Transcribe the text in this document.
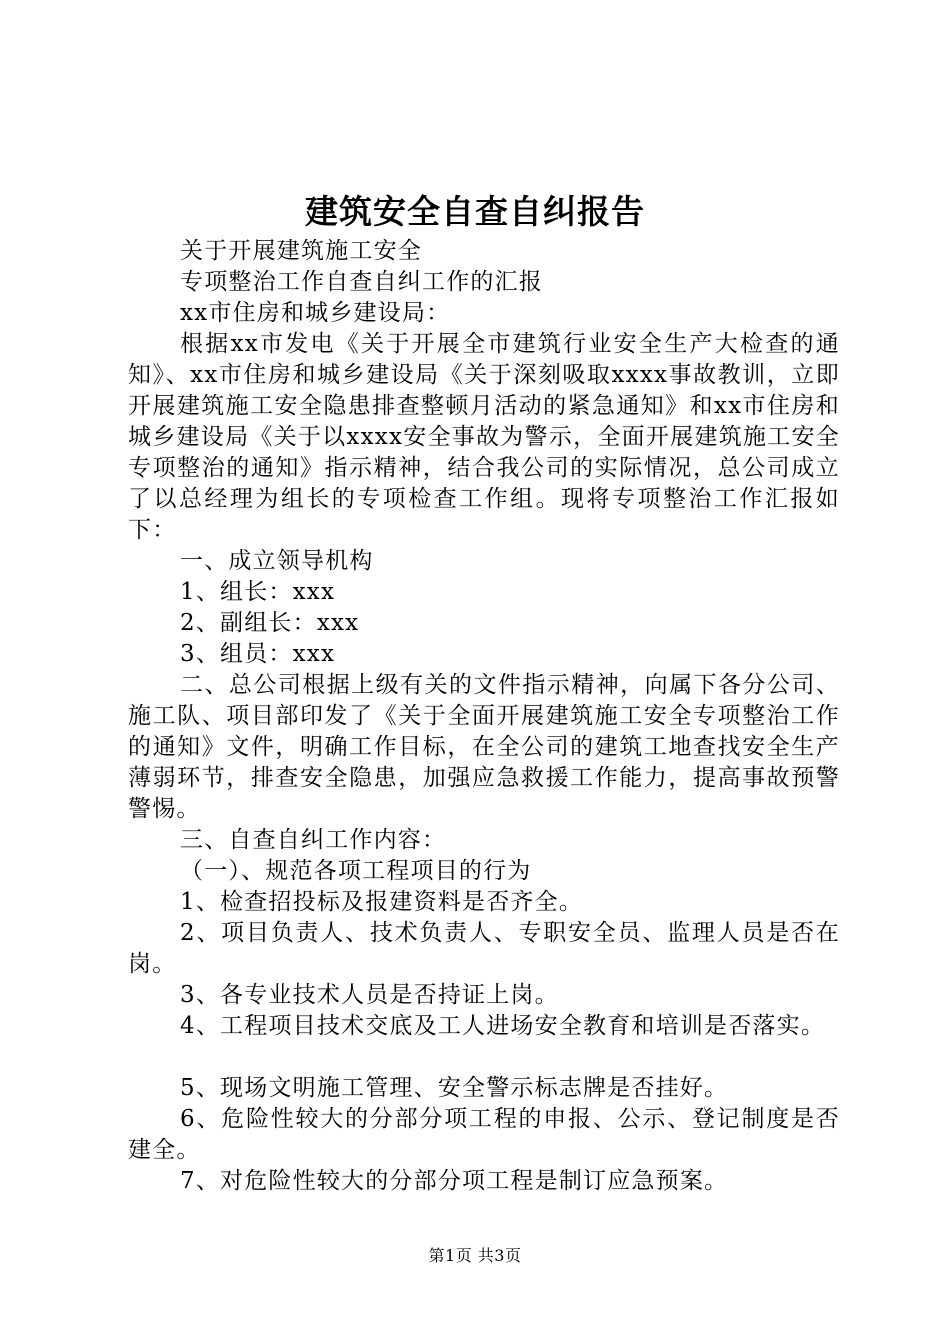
建筑安全自查自纠报告

关于开展建筑施工安全

专项整治工作自查自纠工作的汇报

xx市住房和城乡建设局：

根据xx市发电《关于开展全市建筑行业安全生产大检查的通知》、xx市住房和城乡建设局《关于深刻吸取xxxx事故教训，立即开展建筑施工安全隐患排查整顿月活动的紧急通知》和xx市住房和城乡建设局《关于以xxxx安全事故为警示，全面开展建筑施工安全专项整治的通知》指示精神，结合我公司的实际情况，总公司成立了以总经理为组长的专项检查工作组。现将专项整治工作汇报如下：

一、成立领导机构

1、组长：xxx

2、副组长：xxx

3、组员：xxx

二、总公司根据上级有关的文件指示精神，向属下各分公司、施工队、项目部印发了《关于全面开展建筑施工安全专项整治工作的通知》文件，明确工作目标，在全公司的建筑工地查找安全生产薄弱环节，排查安全隐患，加强应急救援工作能力，提高事故预警警惕。

三、自查自纠工作内容：

（一）、规范各项工程项目的行为

1、检查招投标及报建资料是否齐全。

2、项目负责人、技术负责人、专职安全员、监理人员是否在岗。

3、各专业技术人员是否持证上岗。

4、工程项目技术交底及工人进场安全教育和培训是否落实。

5、现场文明施工管理、安全警示标志牌是否挂好。

6、危险性较大的分部分项工程的申报、公示、登记制度是否建全。

7、对危险性较大的分部分项工程是制订应急预案。

第1页 共3页
